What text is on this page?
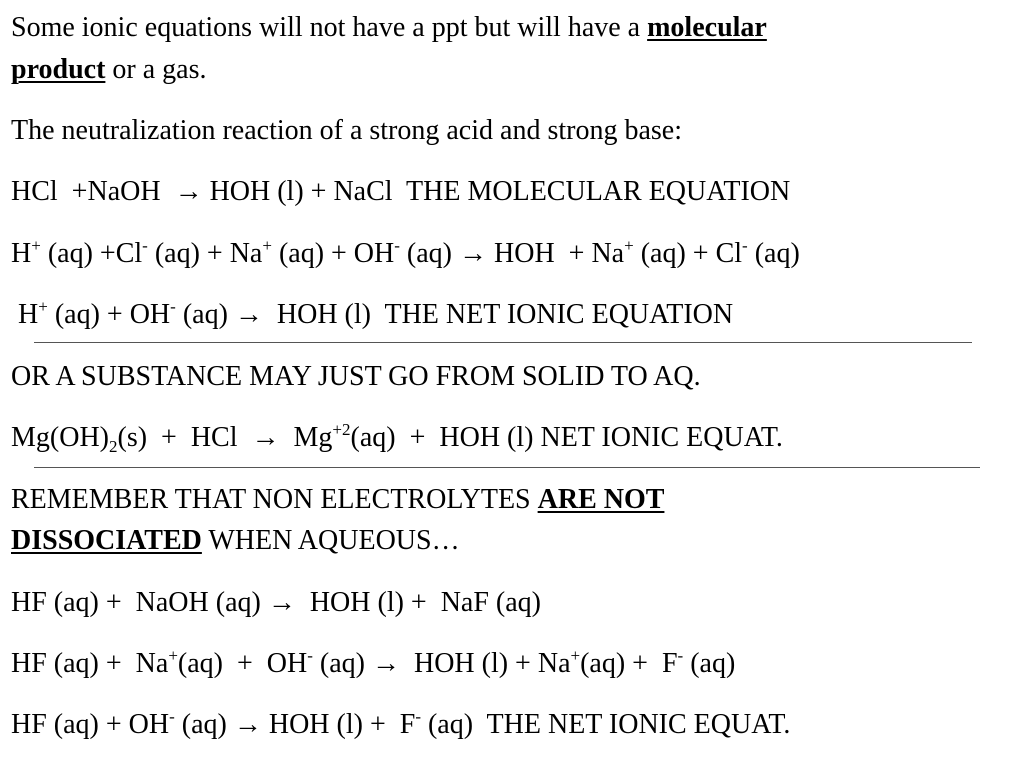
Some ionic equations will not have a ppt but will have a molecular
product or a gas.
The neutralization reaction of a strong acid and strong base:
HCl  +NaOH  → HOH (l) + NaCl  THE MOLECULAR EQUATION
H+ (aq) +Cl- (aq) + Na+ (aq) + OH- (aq) → HOH  + Na+ (aq) + Cl- (aq)
H+ (aq) + OH- (aq) →  HOH (l)  THE NET IONIC EQUATION
OR A SUBSTANCE MAY JUST GO FROM SOLID TO AQ.
$Mg(OH)_2(s)$  +  HCl  →  $Mg^{+2}(aq)$  +  HOH (l) NET IONIC EQUAT.
REMEMBER THAT NON ELECTROLYTES ARE NOT
DISSOCIATED WHEN AQUEOUS…
HF (aq) +  NaOH (aq) →  HOH (l) +  NaF (aq)
HF (aq) +  Na+(aq)  +  OH- (aq) →  HOH (l) + Na+(aq) +  F- (aq)
HF (aq) + OH- (aq) → HOH (l) +  F- (aq)  THE NET IONIC EQUAT.
